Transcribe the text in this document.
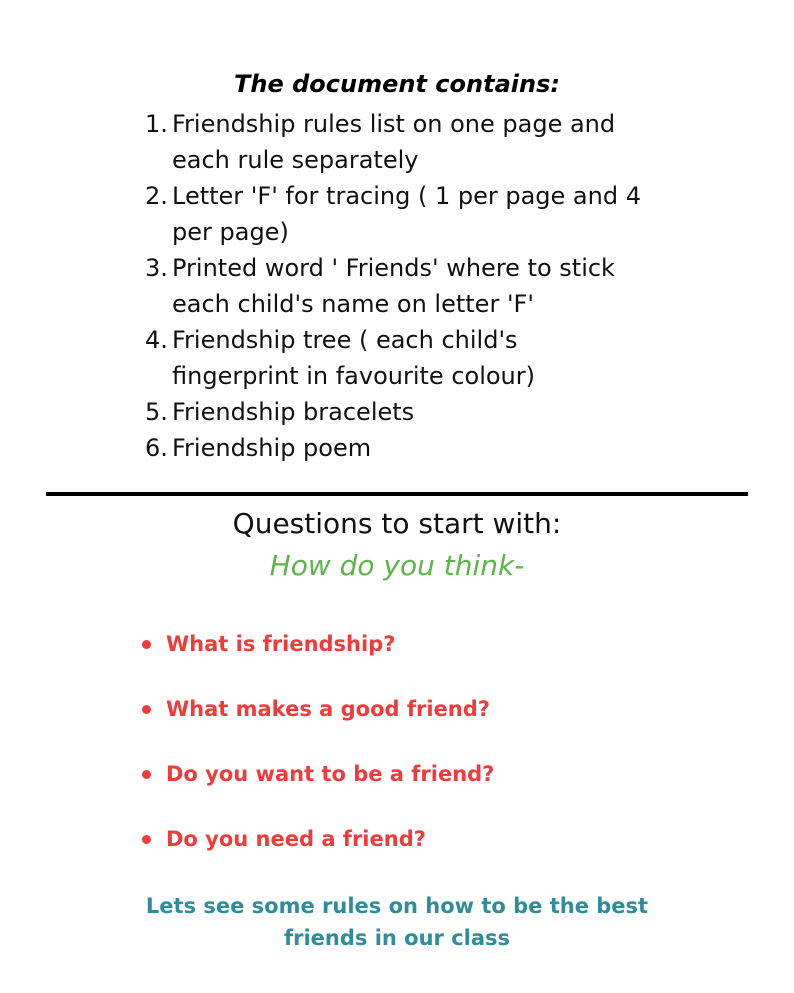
The document contains:
1. Friendship rules list on one page and
each rule separately
2. Letter 'F' for tracing ( 1 per page and 4
per page)
3. Printed word ' Friends' where to stick
each child's name on letter 'F'
4. Friendship tree ( each child's
fingerprint in favourite colour)
5. Friendship bracelets
6. Friendship poem
Questions to start with:
How do you think-
What is friendship?
What makes a good friend?
Do you want to be a friend?
Do you need a friend?
Lets see some rules on how to be the best
friends in our class
